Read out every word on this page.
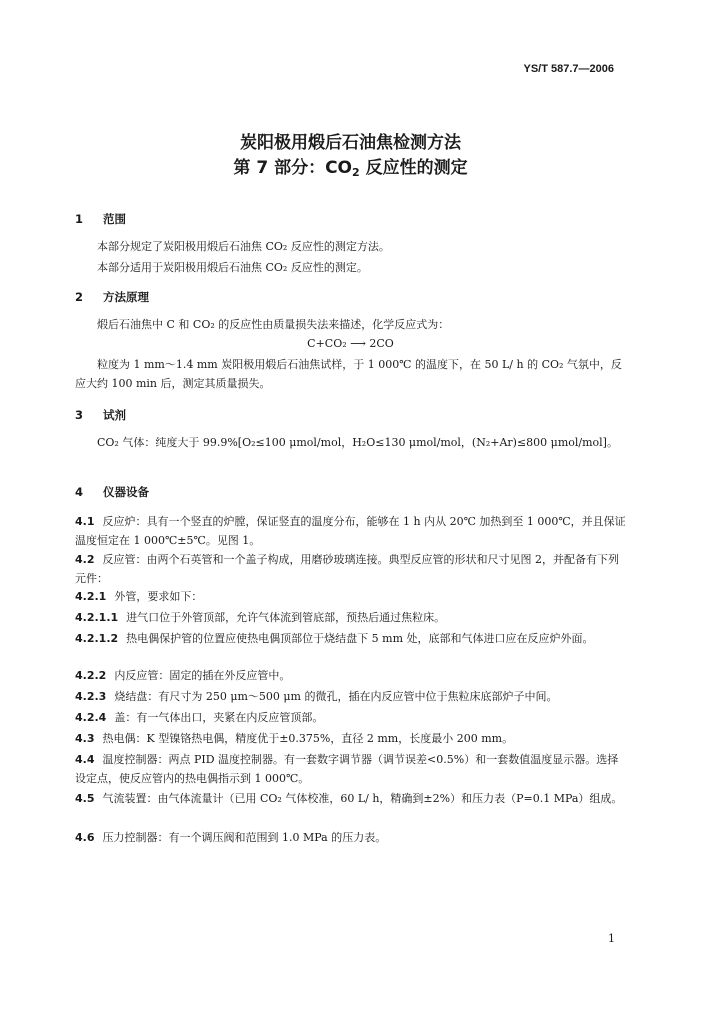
YS/T 587.7—2006
炭阳极用煅后石油焦检测方法
第 7 部分：$CO_2$ 反应性的测定
1 范围
本部分规定了炭阳极用煅后石油焦 CO₂ 反应性的测定方法。
本部分适用于炭阳极用煅后石油焦 CO₂ 反应性的测定。
2 方法原理
煅后石油焦中 C 和 CO₂ 的反应性由质量损失法来描述，化学反应式为：
C+CO₂ ⟶ 2CO
粒度为 1 mm～1.4 mm 炭阳极用煅后石油焦试样，于 1 000℃ 的温度下，在 50 L/ h 的 CO₂ 气氛中，反应大约 100 min 后，测定其质量损失。
3 试剂
CO₂ 气体：纯度大于 99.9%[O₂≤100 μmol/mol，H₂O≤130 μmol/mol，(N₂+Ar)≤800 μmol/mol]。
4 仪器设备
4.1 反应炉：具有一个竖直的炉膛，保证竖直的温度分布，能够在 1 h 内从 20℃ 加热到至 1 000℃，并且保证温度恒定在 1 000℃±5℃。见图 1。
4.2 反应管：由两个石英管和一个盖子构成，用磨砂玻璃连接。典型反应管的形状和尺寸见图 2，并配备有下列元件：
4.2.1 外管，要求如下：
4.2.1.1 进气口位于外管顶部，允许气体流到管底部，预热后通过焦粒床。
4.2.1.2 热电偶保护管的位置应使热电偶顶部位于烧结盘下 5 mm 处，底部和气体进口应在反应炉外面。
4.2.2 内反应管：固定的插在外反应管中。
4.2.3 烧结盘：有尺寸为 250 μm～500 μm 的微孔，插在内反应管中位于焦粒床底部炉子中间。
4.2.4 盖：有一气体出口，夹紧在内反应管顶部。
4.3 热电偶：K 型镍铬热电偶，精度优于±0.375%，直径 2 mm，长度最小 200 mm。
4.4 温度控制器：两点 PID 温度控制器。有一套数字调节器（调节误差<0.5%）和一套数值温度显示器。选择设定点，使反应管内的热电偶指示到 1 000℃。
4.5 气流装置：由气体流量计（已用 CO₂ 气体校准，60 L/ h，精确到±2%）和压力表（P=0.1 MPa）组成。
4.6 压力控制器：有一个调压阀和范围到 1.0 MPa 的压力表。
1
